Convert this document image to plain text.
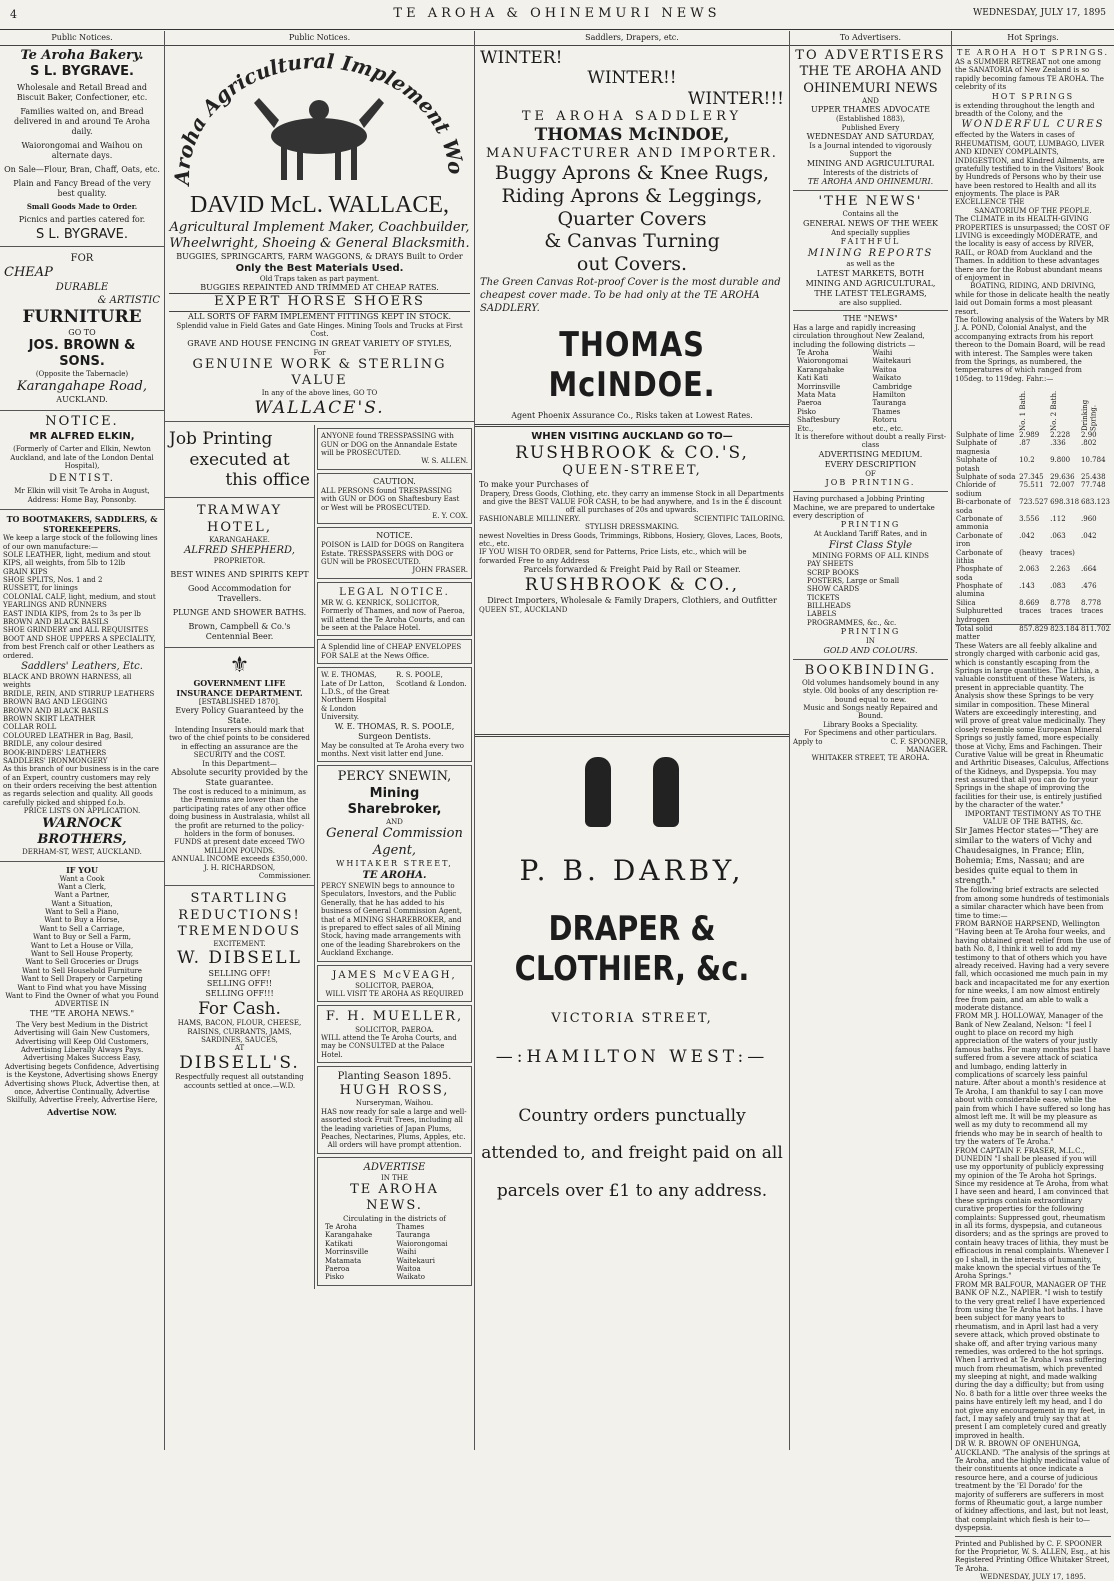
4	TE AROHA & OHINEMURI NEWS	WEDNESDAY, JULY 17, 1895
Public Notices.
Te Aroha Bakery.
S L. BYGRAVE.
Wholesale and Retail Bread and Biscuit Baker, Confectioner, etc.
Families waited on, and Bread delivered in and around Te Aroha daily.
Waiorongomai and Waihou on alternate days.
On Sale—Flour, Bran, Chaff, Oats, etc.
Plain and Fancy Bread of the very best quality.
Small Goods Made to Order.
Picnics and parties catered for.
S L. BYGRAVE.
FOR
CHEAP
DURABLE
& ARTISTIC
FURNITURE
GO TO
JOS. BROWN & SONS.
(Opposite the Tabernacle)
Karangahape Road,
AUCKLAND.
NOTICE.
MR ALFRED ELKIN,
(Formerly of Carter and Elkin, Newton Auckland, and late of the London Dental Hospital),
DENTIST.
Mr Elkin will visit Te Aroha in August, Address: Home Bay, Ponsonby.
TO BOOTMAKERS, SADDLERS, & STOREKEEPERS.
We keep a large stock of the following lines of our own manufacture:—
SOLE LEATHER, light, medium and stout
KIPS, all weights, from 5lb to 12lb
GRAIN KIPS
SHOE SPLITS, Nos. 1 and 2
RUSSETT, for linings
COLONIAL CALF, light, medium, and stout
YEARLINGS AND RUNNERS
EAST INDIA KIPS, from 2s to 3s per lb
BROWN AND BLACK BASILS
SHOE GRINDERY and ALL REQUISITES
BOOT AND SHOE UPPERS A SPECIALITY, from best French calf or other Leathers as ordered.
Saddlers' Leathers, Etc.
BLACK AND BROWN HARNESS, all weights
BRIDLE, REIN, AND STIRRUP LEATHERS
BROWN BAG AND LEGGING
BROWN AND BLACK BASILS
BROWN SKIRT LEATHER
COLLAR ROLL
COLOURED LEATHER in Bag, Basil, BRIDLE, any colour desired
BOOK-BINDERS' LEATHERS
SADDLERS' IRONMONGERY
As this branch of our business is in the care of an Expert, country customers may rely on their orders receiving the best attention as regards selection and quality. All goods carefully picked and shipped f.o.b.
PRICE LISTS ON APPLICATION.
WARNOCK BROTHERS,
DERHAM-ST, WEST, AUCKLAND.
IF YOU
Want a Cook
Want a Clerk,
Want a Partner,
Want a Situation,
Want to Sell a Piano,
Want to Buy a Horse,
Want to Sell a Carriage,
Want to Buy or Sell a Farm,
Want to Let a House or Villa,
Want to Sell House Property,
Want to Sell Groceries or Drugs
Want to Sell Household Furniture
Want to Sell Drapery or Carpeting
Want to Find what you have Missing
Want to Find the Owner of what you Found
ADVERTISE IN
THE "TE AROHA NEWS."
The Very best Medium in the District Advertising will Gain New Customers, Advertising will Keep Old Customers, Advertising Liberally Always Pays. Advertising Makes Success Easy, Advertising begets Confidence, Advertising is the Keystone, Advertising shows Energy Advertising shows Pluck, Advertise then, at once, Advertise Continually, Advertise Skilfully, Advertise Freely, Advertise Here,
Advertise NOW.
Public Notices.
Aroha Agricultural Implement Wo
DAVID McL. WALLACE,
Agricultural Implement Maker, Coachbuilder, Wheelwright, Shoeing & General Blacksmith.
BUGGIES, SPRINGCARTS, FARM WAGGONS, & DRAYS Built to Order
Only the Best Materials Used.
Old Traps taken as part payment.
BUGGIES REPAINTED AND TRIMMED AT CHEAP RATES.
EXPERT HORSE SHOERS
ALL SORTS OF FARM IMPLEMENT FITTINGS KEPT IN STOCK.
Splendid value in Field Gates and Gate Hinges. Mining Tools and Trucks at First Cost.
GRAVE AND HOUSE FENCING IN GREAT VARIETY OF STYLES,
For
GENUINE WORK & STERLING VALUE
In any of the above lines, GO TO
WALLACE'S.
Job Printing
executed at
this office
TRAMWAY HOTEL,
KARANGAHAKE.
ALFRED SHEPHERD,
PROPRIETOR.
BEST WINES AND SPIRITS KEPT
Good Accommodation for Travellers.
PLUNGE AND SHOWER BATHS.
Brown, Campbell & Co.'s Centennial Beer.
⚜
GOVERNMENT LIFE INSURANCE DEPARTMENT.
[ESTABLISHED 1870].
Every Policy Guaranteed by the State.
Intending Insurers should mark that two of the chief points to be considered in effecting an assurance are the SECURITY and the COST.
In this Department—
Absolute security provided by the State guarantee.
The cost is reduced to a minimum, as the Premiums are lower than the participating rates of any other office doing business in Australasia, whilst all the profit are returned to the policy-holders in the form of bonuses.
FUNDS at present date exceed TWO MILLION POUNDS.
ANNUAL INCOME exceeds £350,000.
J. H. RICHARDSON,
Commissioner.
STARTLING
REDUCTIONS!
TREMENDOUS
EXCITEMENT.
W. DIBSELL
SELLING OFF!
SELLING OFF!!
SELLING OFF!!!
For Cash.
HAMS, BACON, FLOUR, CHEESE, RAISINS, CURRANTS, JAMS, SARDINES, SAUCES,
AT
DIBSELL'S.
Respectfully request all outstanding accounts settled at once.—W.D.
ANYONE found TRESSPASSING with GUN or DOG on the Annandale Estate will be PROSECUTED.
W. S. ALLEN.
CAUTION.
ALL PERSONS found TRESPASSING with GUN or DOG on Shaftesbury East or West will be PROSECUTED.
E. Y. COX.
NOTICE.
POISON is LAID for DOGS on Rangitera Estate. TRESSPASSERS with DOG or GUN will be PROSECUTED.
JOHN FRASER.
LEGAL NOTICE.
MR W. G. KENRICK, SOLICITOR, Formerly of Thames, and now of Paeroa, will attend the Te Aroha Courts, and can be seen at the Palace Hotel.
A Splendid line of CHEAP ENVELOPES FOR SALE at the News Office.
W. E. THOMAS, Late of Dr Latton, L.D.S., of the Great Northern Hospital & London University.
R. S. POOLE, Scotland & London.
W. E. THOMAS, R. S. POOLE, Surgeon Dentists.
May be consulted at Te Aroha every two months. Next visit latter end June.
PERCY SNEWIN,
Mining Sharebroker,
AND
General Commission Agent,
WHITAKER STREET,
TE AROHA.
PERCY SNEWIN begs to announce to Speculators, Investors, and the Public Generally, that he has added to his business of General Commission Agent, that of a MINING SHAREBROKER, and is prepared to effect sales of all Mining Stock, having made arrangements with one of the leading Sharebrokers on the Auckland Exchange.
JAMES McVEAGH,
SOLICITOR, PAEROA,
WILL VISIT TE AROHA AS REQUIRED
F. H. MUELLER,
SOLICITOR, PAEROA.
WILL attend the Te Aroha Courts, and may be CONSULTED at the Palace Hotel.
Planting Season 1895.
HUGH ROSS,
Nurseryman, Waihou.
HAS now ready for sale a large and well-assorted stock Fruit Trees, including all the leading varieties of Japan Plums, Peaches, Nectarines, Plums, Apples, etc.
All orders will have prompt attention.
ADVERTISE
IN THE
TE AROHA NEWS.
Circulating in the districts of
Te Aroha
Karangahake
Katikati
Morrinsville
Matamata
Paeroa
Pisko
Thames
Tauranga
Waiorongomai
Waihi
Waitekauri
Waitoa
Waikato
Saddlers, Drapers, etc.
WINTER!
WINTER!!
WINTER!!!
TE AROHA SADDLERY
THOMAS McINDOE,
MANUFACTURER AND IMPORTER.
Buggy Aprons & Knee Rugs,
Riding Aprons & Leggings, Quarter Covers
& Canvas Turning
out Covers.
The Green Canvas Rot-proof Cover is the most durable and cheapest cover made. To be had only at the TE AROHA SADDLERY.
THOMAS McINDOE.
Agent Phoenix Assurance Co., Risks taken at Lowest Rates.
WHEN VISITING AUCKLAND GO TO—
RUSHBROOK & CO.'S,
QUEEN-STREET,
To make your Purchases of
Drapery, Dress Goods, Clothing, etc. they carry an immense Stock in all Departments and give the BEST VALUE FOR CASH, to be had anywhere, and 1s in the £ discount off all purchases of 20s and upwards.
FASHIONABLE MILLINERY.	SCIENTIFIC TAILORING.
STYLISH DRESSMAKING.
newest Novelties in Dress Goods, Trimmings, Ribbons, Hosiery, Gloves, Laces, Boots, etc., etc.
IF YOU WISH TO ORDER, send for Patterns, Price Lists, etc., which will be forwarded Free to any Address
Parcels forwarded & Freight Paid by Rail or Steamer.
RUSHBROOK & CO.,
Direct Importers, Wholesale & Family Drapers, Clothiers, and Outfitter
QUEEN ST., AUCKLAND

P. B. DARBY,
DRAPER & CLOTHIER, &c.
VICTORIA STREET,
—:HAMILTON WEST:—
Country orders punctually attended to, and freight paid on all parcels over £1 to any address.
To Advertisers.
TO ADVERTISERS
THE TE AROHA AND OHINEMURI NEWS
AND
UPPER THAMES ADVOCATE
(Established 1883),
Published Every
WEDNESDAY AND SATURDAY,
Is a Journal intended to vigorously
Support the
MINING AND AGRICULTURAL
Interests of the districts of
TE AROHA AND OHINEMURI.
'THE NEWS'
Contains all the
GENERAL NEWS OF THE WEEK
And specially supplies
FAITHFUL
MINING REPORTS
as well as the
LATEST MARKETS, BOTH
MINING AND AGRICULTURAL,
THE LATEST TELEGRAMS,
are also supplied.
THE "NEWS"
Has a large and rapidly increasing circulation throughout New Zealand, including the following districts —
Te Aroha
Waiorongomai
Karangahake
Kati Kati
Morrinsville
Mata Mata
Paeroa
Pisko
Shaftesbury
Etc.,
Waihi
Waitekauri
Waitoa
Waikato
Cambridge
Hamilton
Tauranga
Thames
Rotoru
etc., etc.
It is therefore without doubt a really First-class
ADVERTISING MEDIUM.
EVERY DESCRIPTION
OF
JOB PRINTING.
Having purchased a Jobbing Printing Machine, we are prepared to undertake every description of
PRINTING
At Auckland Tariff Rates, and in
First Class Style
MINING FORMS OF ALL KINDS
PAY SHEETS
SCRIP BOOKS
POSTERS, Large or Small
SHOW CARDS
TICKETS
BILLHEADS
LABELS
PROGRAMMES, &c., &c.
PRINTING
IN
GOLD AND COLOURS.
BOOKBINDING.
Old volumes handsomely bound in any style. Old books of any description re-bound equal to new.
Music and Songs neatly Repaired and Bound.
Library Books a Speciality.
For Specimens and other particulars.
Apply to	C. F. SPOONER,
MANAGER.
WHITAKER STREET, TE AROHA.
Hot Springs.
TE AROHA HOT SPRINGS.
AS a SUMMER RETREAT not one among the SANATORIA of New Zealand is so rapidly becoming famous TE AROHA. The celebrity of its
HOT SPRINGS
is extending throughout the length and breadth of the Colony, and the
WONDERFUL CURES
effected by the Waters in cases of RHEUMATISM, GOUT, LUMBAGO, LIVER AND KIDNEY COMPLAINTS, INDIGESTION, and Kindred Ailments, are gratefully testified to in the Visitors' Book by Hundreds of Persons who by their use have been restored to Health and all its enjoyments. The place is PAR EXCELLENCE THE
SANATORIUM OF THE PEOPLE.
The CLIMATE in its HEALTH-GIVING PROPERTIES is unsurpassed; the COST OF LIVING is exceedingly MODERATE, and the locality is easy of access by RIVER, RAIL, or ROAD from Auckland and the Thames. In addition to these advantages there are for the Robust abundant means of enjoyment in
BOATING, RIDING, AND DRIVING,
while for those in delicate health the neatly laid out Domain forms a most pleasant resort.
The following analysis of the Waters by MR J. A. POND, Colonial Analyst, and the accompanying extracts from his report thereon to the Domain Board, will be read with interest. The Samples were taken from the Springs, as numbered, the temperatures of which ranged from 105deg. to 119deg. Fahr.:—
	No. 1 Bath.	No. 2 Bath.	Drinking Spring.
Sulphate of lime	2.989	2.228	2.90
Sulphate of magnesia	.87	.336	.802
Sulphate of potash	10.2	9.800	10.784
Sulphate of soda	27.345	29.636	25.438
Chloride of sodium	75.511	72.007	77.748
Bi-carbonate of soda	723.527	698.318	683.123
Carbonate of ammonia	3.556	.112	.960
Carbonate of iron	.042	.063	.042
Carbonate of lithia	(heavy	traces)	
Phosphate of soda	2.063	2.263	.664
Phosphate of alumina	.143	.083	.476
Silica	8.669	8.778	8.778
Sulphuretted hydrogen	traces	traces	traces
Total solid matter	857.829	823.184	811.702
These Waters are all feebly alkaline and strongly charged with carbonic acid gas, which is constantly escaping from the Springs in large quantities. The Lithia, a valuable constituent of these Waters, is present in appreciable quantity. The Analysis show these Springs to be very similar in composition. These Mineral Waters are exceedingly interesting, and will prove of great value medicinally. They closely resemble some European Mineral Springs so justly famed, more especially those at Vichy, Ems and Fachingen. Their Curative Value will be great in Rheumatic and Arthritic Diseases, Calculus, Affections of the Kidneys, and Dyspepsia. You may rest assured that all you can do for your Springs in the shape of improving the facilities for their use, is entirely justified by the character of the water."
IMPORTANT TESTIMONY AS TO THE VALUE OF THE BATHS, &c.
Sir James Hector states—"They are similar to the waters of Vichy and Chaudesaignes, in France; Elin, Bohemia; Ems, Nassau; and are besides quite equal to them in strength."
The following brief extracts are selected from among some hundreds of testimonials a similar character which have been from time to time:—
FROM BARNOE HARPSEND, Wellington "Having been at Te Aroha four weeks, and having obtained great relief from the use of bath No. 8, I think it well to add my testimony to that of others which you have already received. Having had a very severe fall, which occasioned me much pain in my back and incapacitated me for any exertion for nine weeks, I am now almost entirely free from pain, and am able to walk a moderate distance.
FROM MR J. HOLLOWAY, Manager of the Bank of New Zealand, Nelson: "I feel I ought to place on record my high appreciation of the waters of your justly famous baths. For many months past I have suffered from a severe attack of sciatica and lumbago, ending latterly in complications of scarcely less painful nature. After about a month's residence at Te Aroha, I am thankful to say I can move about with considerable ease, while the pain from which I have suffered so long has almost left me. It will be my pleasure as well as my duty to recommend all my friends who may be in search of health to try the waters of Te Aroha."
FROM CAPTAIN F. FRASER, M.L.C., DUNEDIN "I shall be pleased if you will use my opportunity of publicly expressing my opinion of the Te Aroha hot Springs. Since my residence at Te Aroha, from what I have seen and heard, I am convinced that these springs contain extraordinary curative properties for the following complaints: Suppressed gout, rheumatism in all its forms, dyspepsia, and cutaneous disorders; and as the springs are proved to contain heavy traces of lithia, they must be efficacious in renal complaints. Whenever I go I shall, in the interests of humanity, make known the special virtues of the Te Aroha Springs."
FROM MR BALFOUR, MANAGER OF THE BANK OF N.Z., NAPIER. "I wish to testify to the very great relief I have experienced from using the Te Aroha hot baths. I have been subject for many years to rheumatism, and in April last had a very severe attack, which proved obstinate to shake off, and after trying various many remedies, was ordered to the hot springs. When I arrived at Te Aroha I was suffering much from rheumatism, which prevented my sleeping at night, and made walking during the day a difficulty; but from using No. 8 bath for a little over three weeks the pains have entirely left my head, and I do not give any encouragement in my feet, in fact, I may safely and truly say that at present I am completely cured and greatly improved in health.
DR W. R. BROWN OF ONEHUNGA, AUCKLAND. "The analysis of the springs at Te Aroha, and the highly medicinal value of their constituents at once indicate a resource here, and a course of judicious treatment by the 'El Dorado' for the majority of sufferers are sufferers in most forms of Rheumatic gout, a large number of kidney affections, and last, but not least, that complaint which flesh is heir to—dyspepsia.
Printed and Published by C. F. SPOONER for the Proprietor, W. S. ALLEN, Esq., at his Registered Printing Office Whitaker Street, Te Aroha.
WEDNESDAY, JULY 17, 1895.
